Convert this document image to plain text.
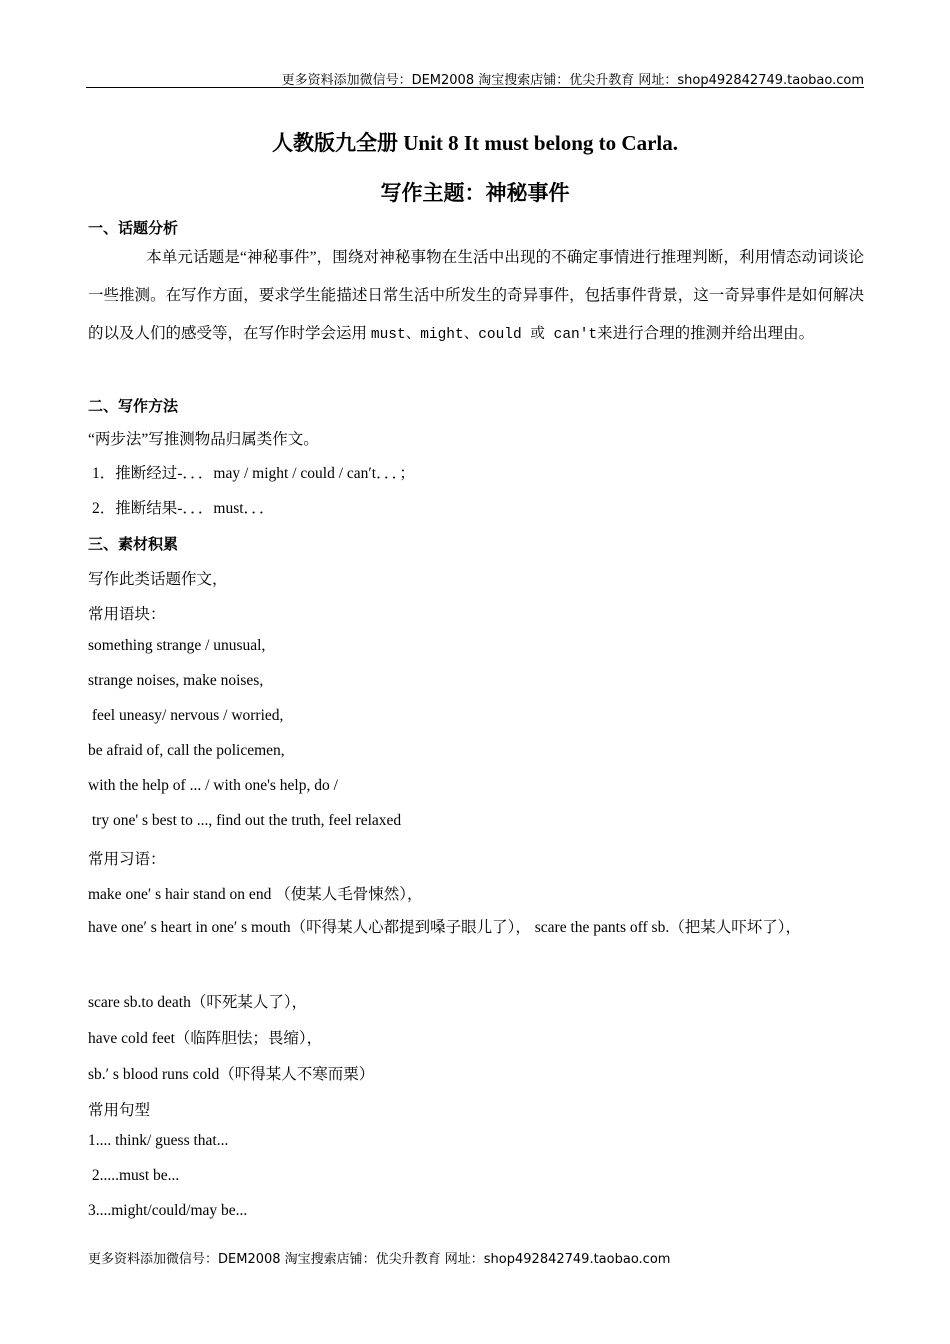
更多资料添加微信号：DEM2008 淘宝搜索店铺：优尖升教育 网址：shop492842749.taobao.com
人教版九全册 Unit 8 It must belong to Carla.
写作主题：神秘事件
一、话题分析
本单元话题是“神秘事件”，围绕对神秘事物在生活中出现的不确定事情进行推理判断，利用情态动词谈论一些推测。在写作方面，要求学生能描述日常生活中所发生的奇异事件，包括事件背景，这一奇异事件是如何解决的以及人们的感受等，在写作时学会运用 must、might、could 或 can′t来进行合理的推测并给出理由。
二、写作方法
“两步法”写推测物品归属类作文。
1．推断经过-．．．may / might / could / can′t．．．；
2．推断结果-．．．must．．．
三、素材积累
写作此类话题作文，
常用语块：
something strange / unusual,
strange noises, make noises,
feel uneasy/ nervous / worried,
be afraid of, call the policemen,
with the help of ... / with one's help, do /
try one' s best to ..., find out the truth, feel relaxed
常用习语：
make one′ s hair stand on end （使某人毛骨悚然），
have one′ s heart in one′ s mouth（吓得某人心都提到嗓子眼儿了）， scare the pants off sb.（把某人吓坏了），
scare sb.to death（吓死某人了），
have cold feet（临阵胆怯；畏缩），
sb.′ s blood runs cold（吓得某人不寒而栗）
常用句型
1.... think/ guess that...
2.....must be...
3....might/could/may be...
更多资料添加微信号：DEM2008 淘宝搜索店铺：优尖升教育 网址：shop492842749.taobao.com
